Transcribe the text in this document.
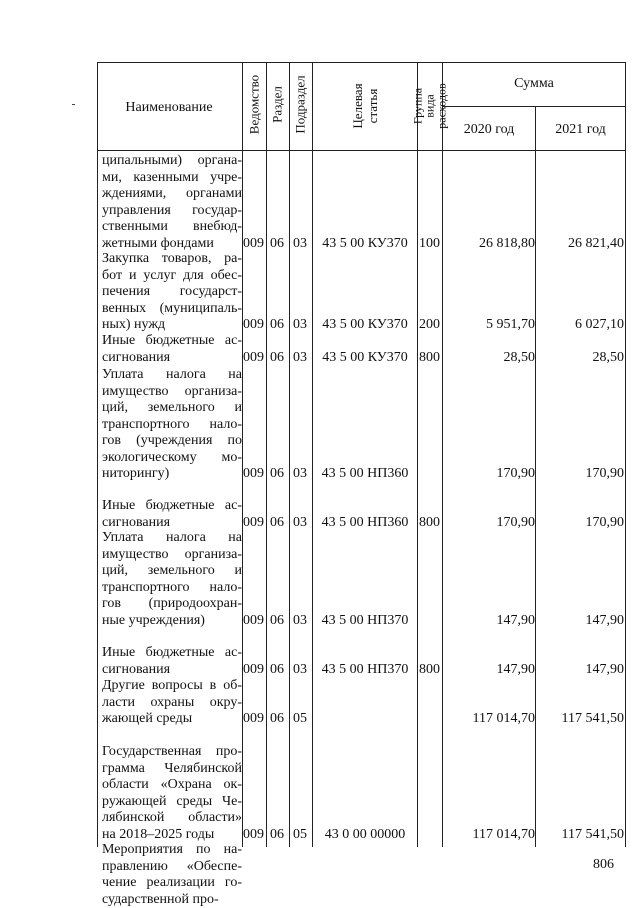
Наименование	Ведомство Раздел Подраздел	Целевая статья	Группа вида расходов	Сумма
2020 год	2021 год
ципальными) органа-
ми, казенными учре-
ждениями, органами
управления государ-
ственными внебюд-
жетными фондами	009 06 03	43 5 00 КУ370 100	26 818,80	26 821,40
Закупка товаров, ра-
бот и услуг для обес-
печения государст-
венных (муниципаль-
ных) нужд	009 06 03	43 5 00 КУ370 200	5 951,70	6 027,10
Иные бюджетные ас-
сигнования	009 06 03	43 5 00 КУ370 800	28,50	28,50
Уплата налога на
имущество организа-
ций, земельного и
транспортного нало-
гов (учреждения по
экологическому мо-
ниторингу)	009 06 03	43 5 00 НП360	170,90	170,90
Иные бюджетные ас-
сигнования	009 06 03	43 5 00 НП360 800	170,90	170,90
Уплата налога на
имущество организа-
ций, земельного и
транспортного нало-
гов (природоохран-
ные учреждения)	009 06 03	43 5 00 НП370	147,90	147,90
Иные бюджетные ас-
сигнования	009 06 03	43 5 00 НП370 800	147,90	147,90
Другие вопросы в об-
ласти охраны окру-
жающей среды	009 06 05	117 014,70	117 541,50
Государственная про-
грамма Челябинской
области «Охрана ок-
ружающей среды Че-
лябинской области»
на 2018–2025 годы	009 06 05	43 0 00 00000	117 014,70	117 541,50
Мероприятия по на-
правлению «Обеспе-
чение реализации го-
сударственной про-
806
